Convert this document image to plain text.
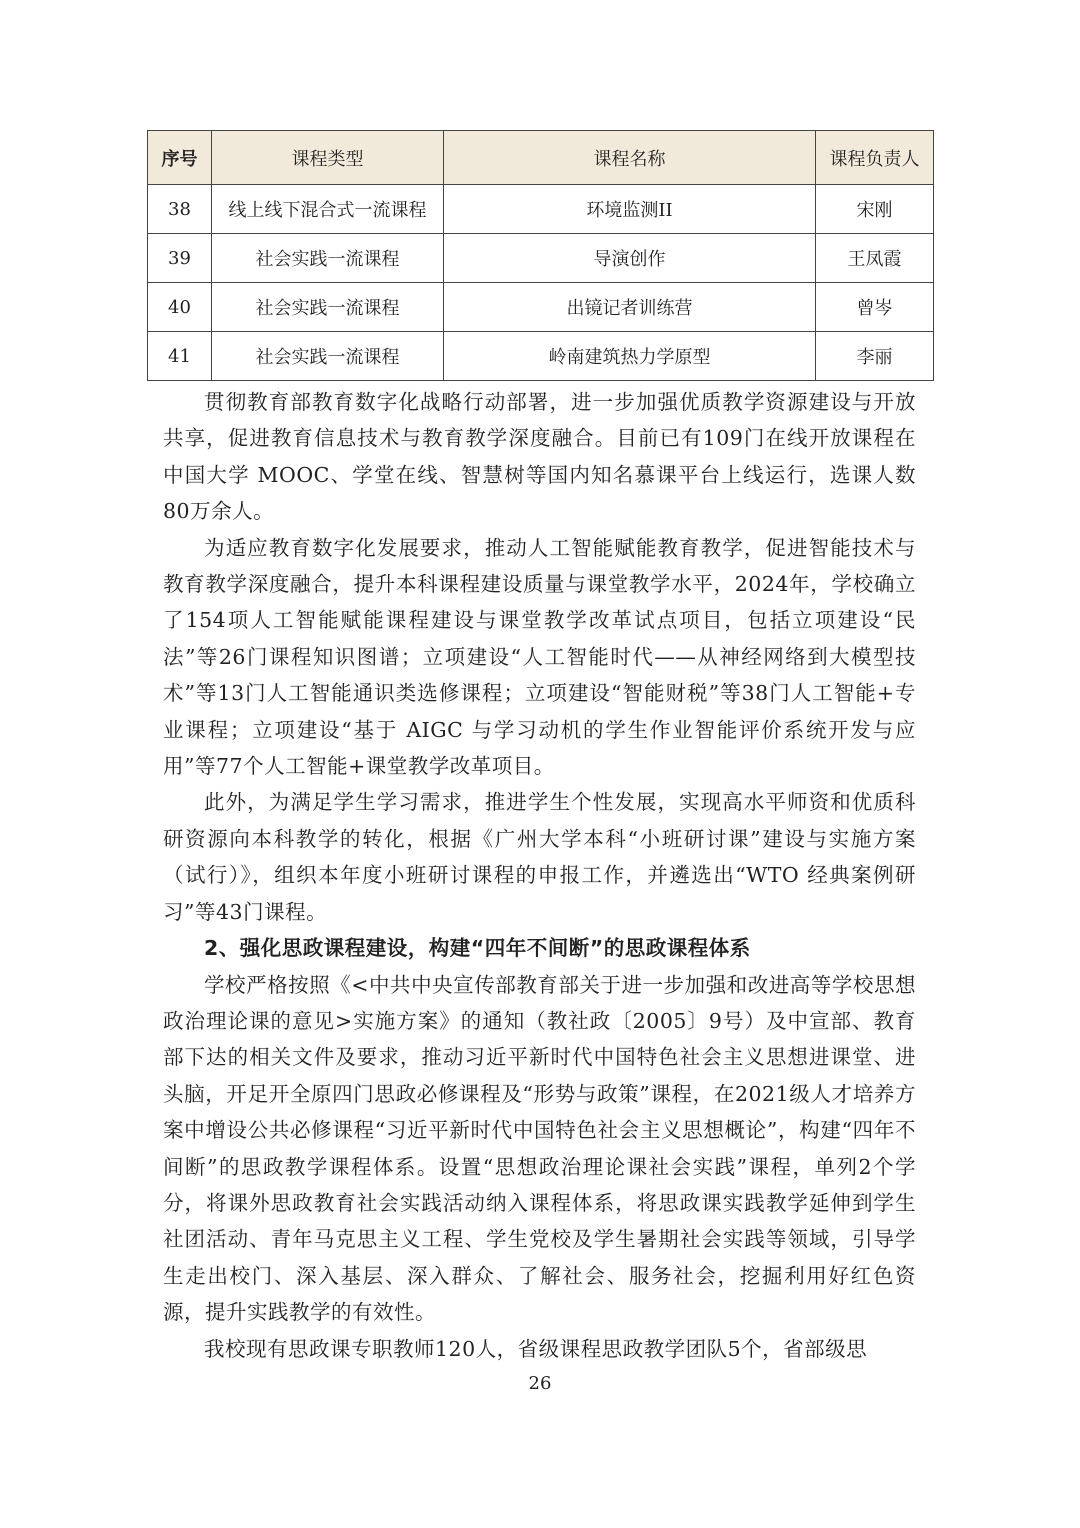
序号	课程类型	课程名称	课程负责人
38	线上线下混合式一流课程	环境监测II	宋刚
39	社会实践一流课程	导演创作	王凤霞
40	社会实践一流课程	出镜记者训练营	曾岑
41	社会实践一流课程	岭南建筑热力学原型	李丽

贯彻教育部教育数字化战略行动部署，进一步加强优质教学资源建设与开放共享，促进教育信息技术与教育教学深度融合。目前已有109门在线开放课程在中国大学 MOOC、学堂在线、智慧树等国内知名慕课平台上线运行，选课人数80万余人。

为适应教育数字化发展要求，推动人工智能赋能教育教学，促进智能技术与教育教学深度融合，提升本科课程建设质量与课堂教学水平，2024年，学校确立了154项人工智能赋能课程建设与课堂教学改革试点项目，包括立项建设“民法”等26门课程知识图谱；立项建设“人工智能时代——从神经网络到大模型技术”等13门人工智能通识类选修课程；立项建设“智能财税”等38门人工智能+专业课程；立项建设“基于 AIGC 与学习动机的学生作业智能评价系统开发与应用”等77个人工智能+课堂教学改革项目。

此外，为满足学生学习需求，推进学生个性发展，实现高水平师资和优质科研资源向本科教学的转化，根据《广州大学本科“小班研讨课”建设与实施方案（试行）》，组织本年度小班研讨课程的申报工作，并遴选出“WTO 经典案例研习”等43门课程。

2、强化思政课程建设，构建“四年不间断”的思政课程体系

学校严格按照《<中共中央宣传部教育部关于进一步加强和改进高等学校思想政治理论课的意见>实施方案》的通知（教社政〔2005〕9号）及中宣部、教育部下达的相关文件及要求，推动习近平新时代中国特色社会主义思想进课堂、进头脑，开足开全原四门思政必修课程及“形势与政策”课程，在2021级人才培养方案中增设公共必修课程“习近平新时代中国特色社会主义思想概论”，构建“四年不间断”的思政教学课程体系。设置“思想政治理论课社会实践”课程，单列2个学分，将课外思政教育社会实践活动纳入课程体系，将思政课实践教学延伸到学生社团活动、青年马克思主义工程、学生党校及学生暑期社会实践等领域，引导学生走出校门、深入基层、深入群众、了解社会、服务社会，挖掘利用好红色资源，提升实践教学的有效性。

我校现有思政课专职教师120人，省级课程思政教学团队5个，省部级思

26
